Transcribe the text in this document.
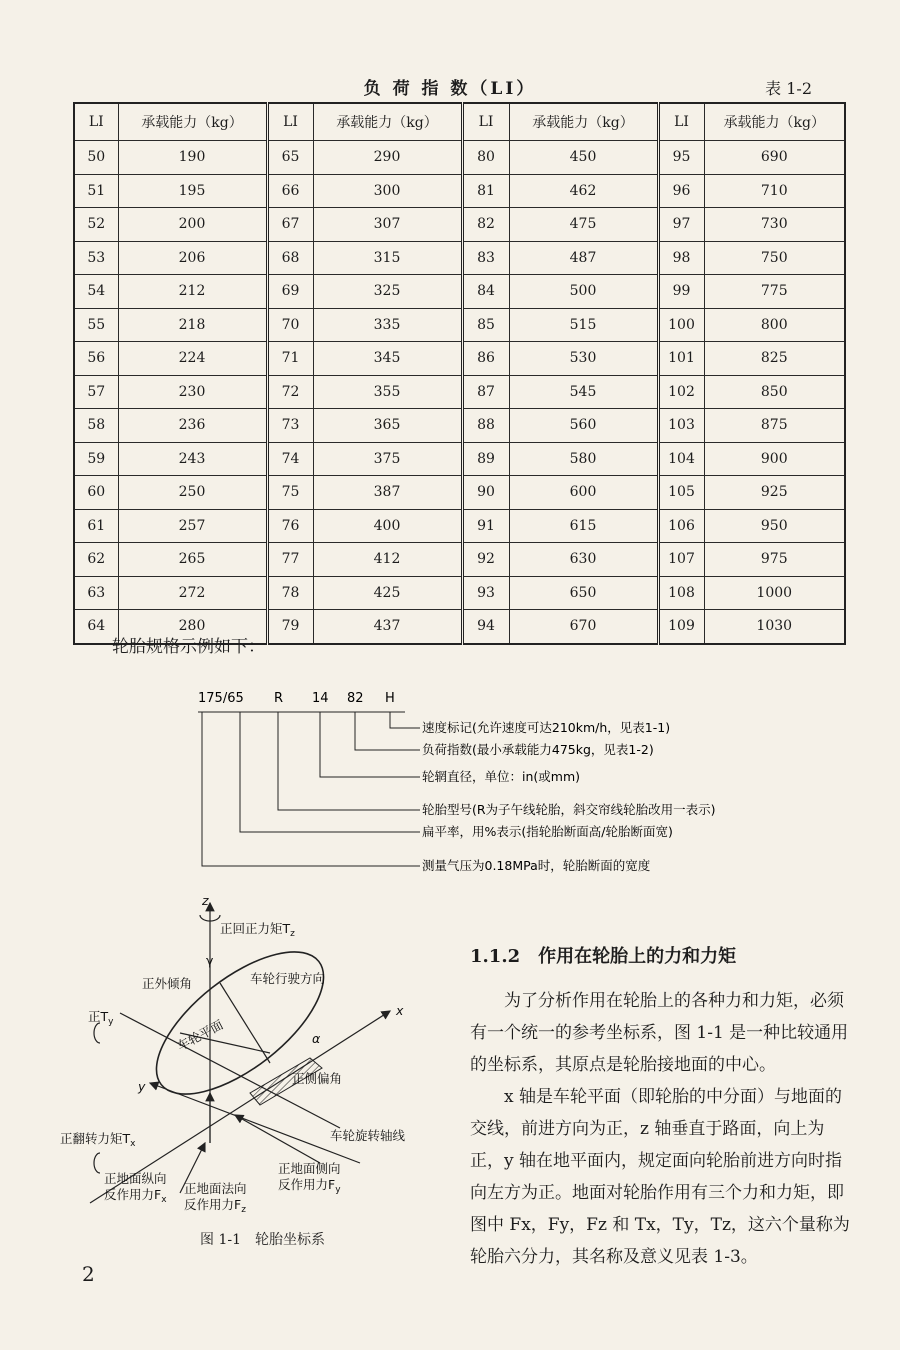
负 荷 指 数（LI）	表 1-2
LI	承载能力（kg）	LI	承载能力（kg）	LI	承载能力（kg）	LI	承载能力（kg）
50	190	65	290	80	450	95	690
51	195	66	300	81	462	96	710
52	200	67	307	82	475	97	730
53	206	68	315	83	487	98	750
54	212	69	325	84	500	99	775
55	218	70	335	85	515	100	800
56	224	71	345	86	530	101	825
57	230	72	355	87	545	102	850
58	236	73	365	88	560	103	875
59	243	74	375	89	580	104	900
60	250	75	387	90	600	105	925
61	257	76	400	91	615	106	950
62	265	77	412	92	630	107	975
63	272	78	425	93	650	108	1000
64	280	79	437	94	670	109	1030
轮胎规格示例如下：
175/65 R 14 82 H
速度标记(允许速度可达210km/h，见表1-1)
负荷指数(最小承载能力475kg，见表1-2)
轮辋直径，单位：in(或mm)
轮胎型号(R为子午线轮胎，斜交帘线轮胎改用一表示)
扁平率，用%表示(指轮胎断面高/轮胎断面宽)
测量气压为0.18MPa时，轮胎断面的宽度
z
x
y
γ
α
正回正力矩$T_z$
正外倾角	车轮行驶方向
正$T_y$	车轮平面
正侧偏角
正翻转力矩$T_x$
车轮旋转轴线
正地面纵向
反作用力$F_x$
正地面法向
反作用力$F_z$
正地面侧向
反作用力$F_y$
图 1-1　轮胎坐标系
1.1.2　作用在轮胎上的力和力矩

为了分析作用在轮胎上的各种力和力矩，必须有一个统一的参考坐标系，图 1-1 是一种比较通用的坐标系，其原点是轮胎接地面的中心。

x 轴是车轮平面（即轮胎的中分面）与地面的交线，前进方向为正，z 轴垂直于路面，向上为正，y 轴在地平面内，规定面向轮胎前进方向时指向左方为正。地面对轮胎作用有三个力和力矩，即图中 Fx，Fy，Fz 和 Tx，Ty，Tz，这六个量称为轮胎六分力，其名称及意义见表 1-3。

2
